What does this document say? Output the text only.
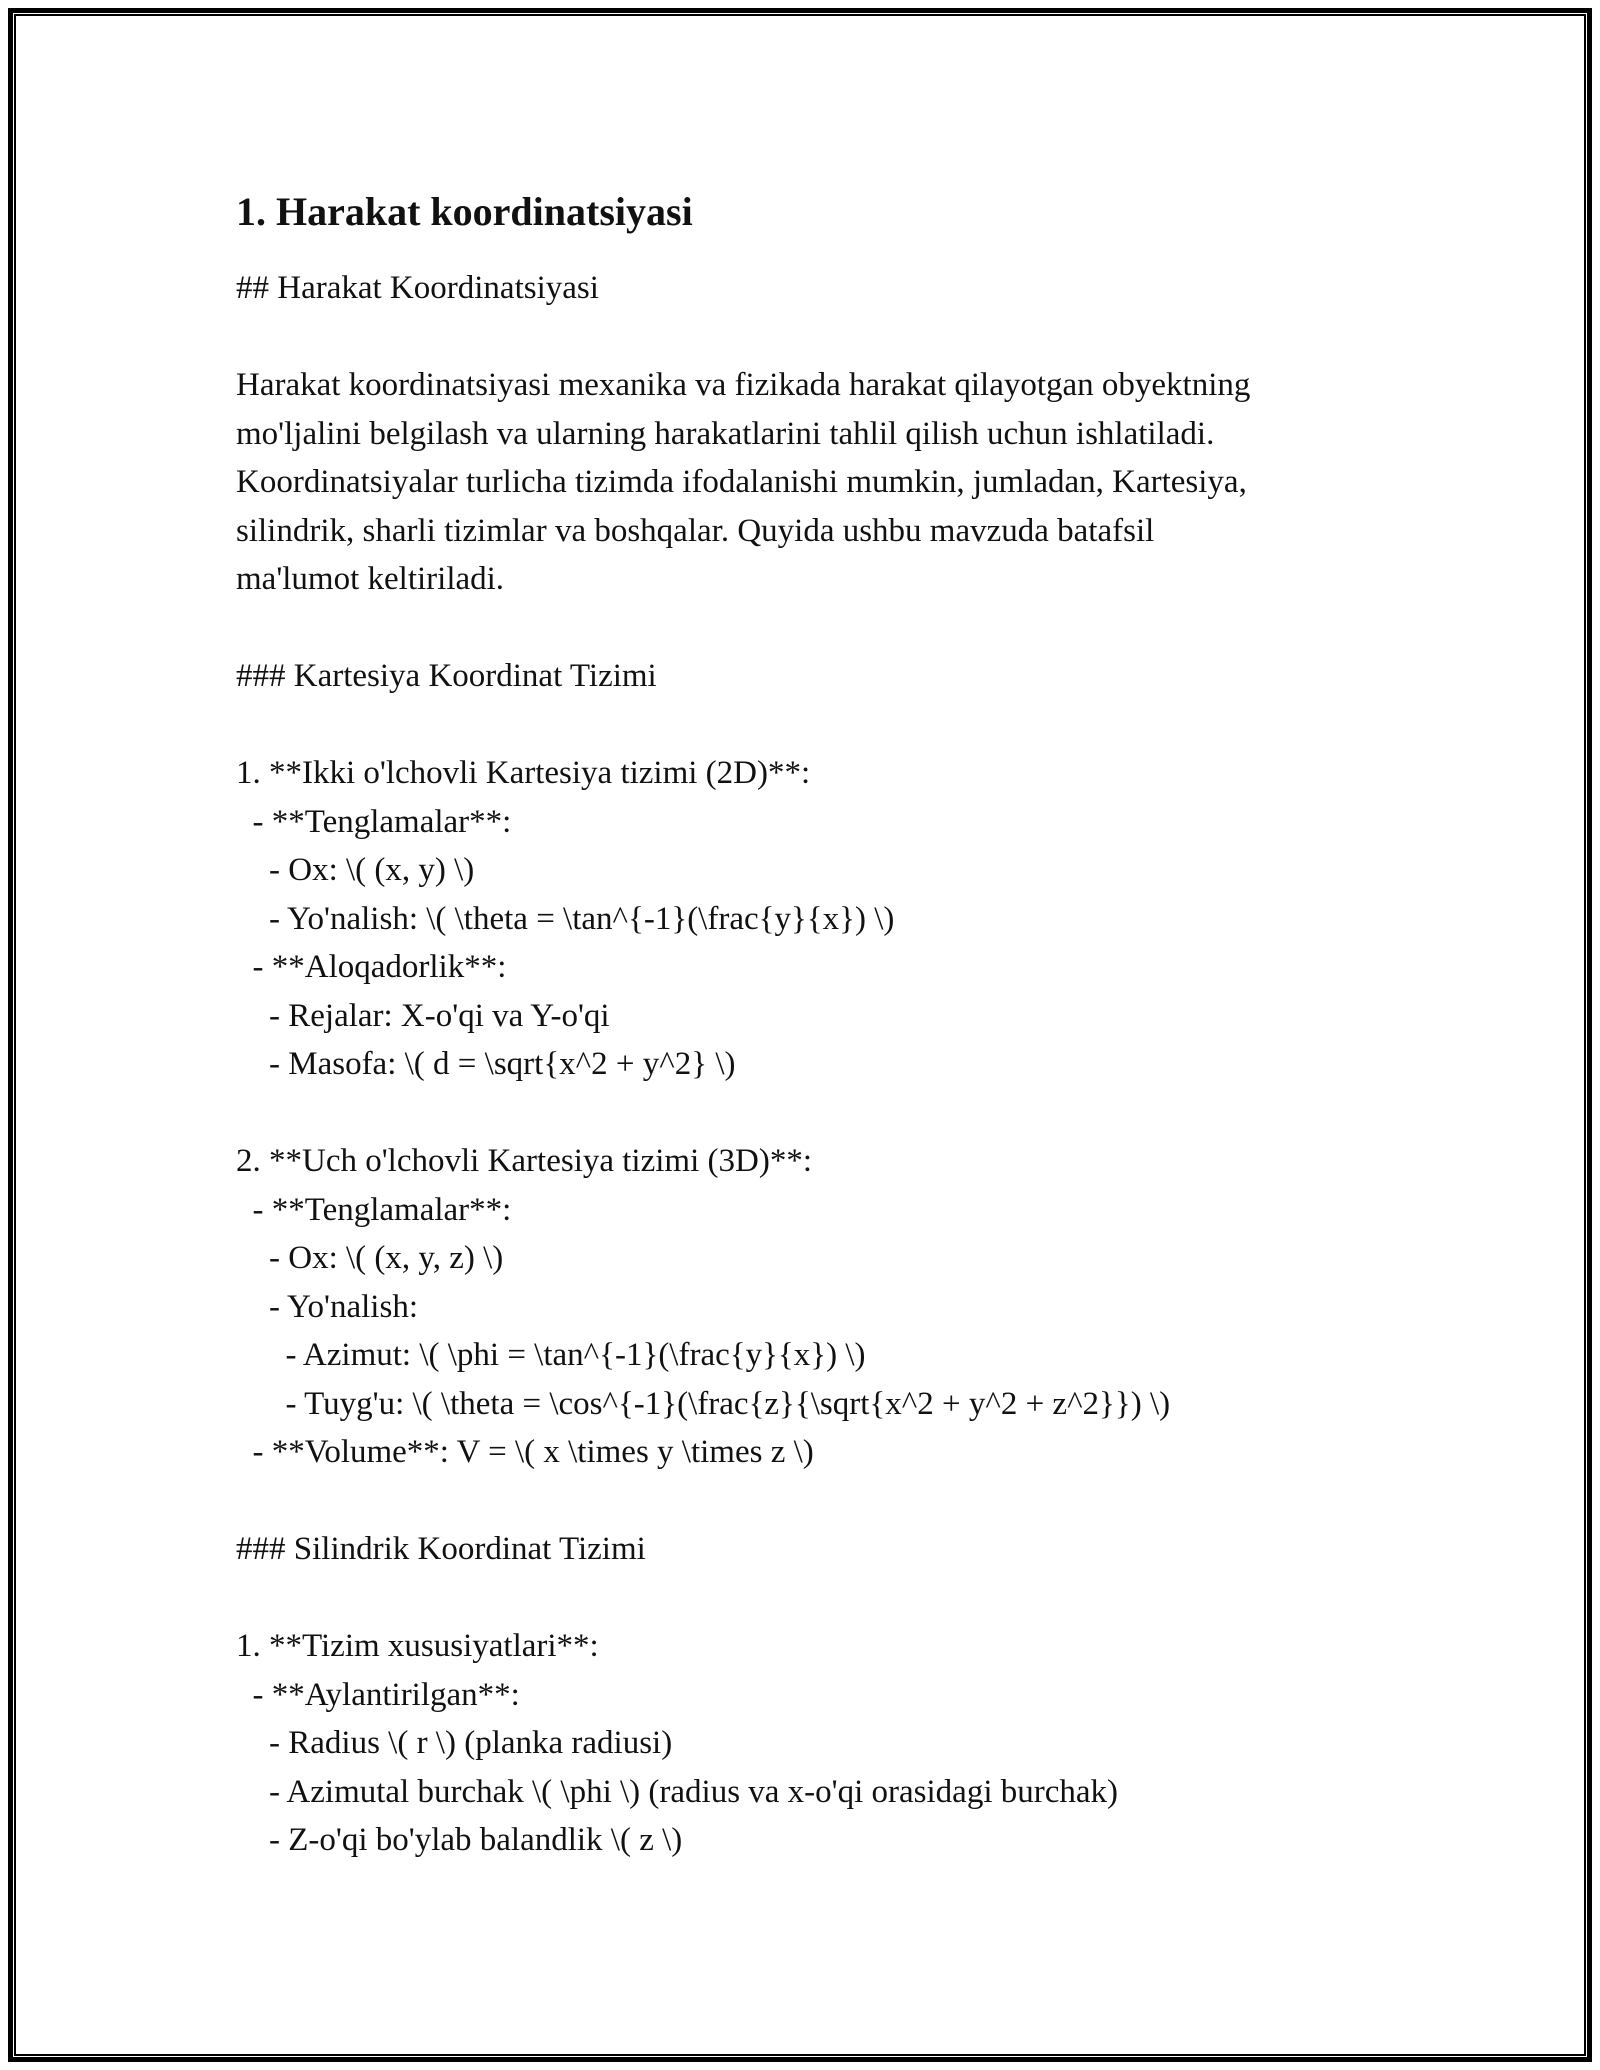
1. Harakat koordinatsiyasi
## Harakat Koordinatsiyasi
Harakat koordinatsiyasi mexanika va fizikada harakat qilayotgan obyektning
mo'ljalini belgilash va ularning harakatlarini tahlil qilish uchun ishlatiladi.
Koordinatsiyalar turlicha tizimda ifodalanishi mumkin, jumladan, Kartesiya,
silindrik, sharli tizimlar va boshqalar. Quyida ushbu mavzuda batafsil
ma'lumot keltiriladi.
### Kartesiya Koordinat Tizimi
1. **Ikki o'lchovli Kartesiya tizimi (2D)**:
- **Tenglamalar**:
- Ox: \( (x, y) \)
- Yo'nalish: \( \theta = \tan^{-1}(\frac{y}{x}) \)
- **Aloqadorlik**:
- Rejalar: X-o'qi va Y-o'qi
- Masofa: \( d = \sqrt{x^2 + y^2} \)
2. **Uch o'lchovli Kartesiya tizimi (3D)**:
- **Tenglamalar**:
- Ox: \( (x, y, z) \)
- Yo'nalish:
- Azimut: \( \phi = \tan^{-1}(\frac{y}{x}) \)
- Tuyg'u: \( \theta = \cos^{-1}(\frac{z}{\sqrt{x^2 + y^2 + z^2}}) \)
- **Volume**: V = \( x \times y \times z \)
### Silindrik Koordinat Tizimi
1. **Tizim xususiyatlari**:
- **Aylantirilgan**:
- Radius \( r \) (planka radiusi)
- Azimutal burchak \( \phi \) (radius va x-o'qi orasidagi burchak)
- Z-o'qi bo'ylab balandlik \( z \)
